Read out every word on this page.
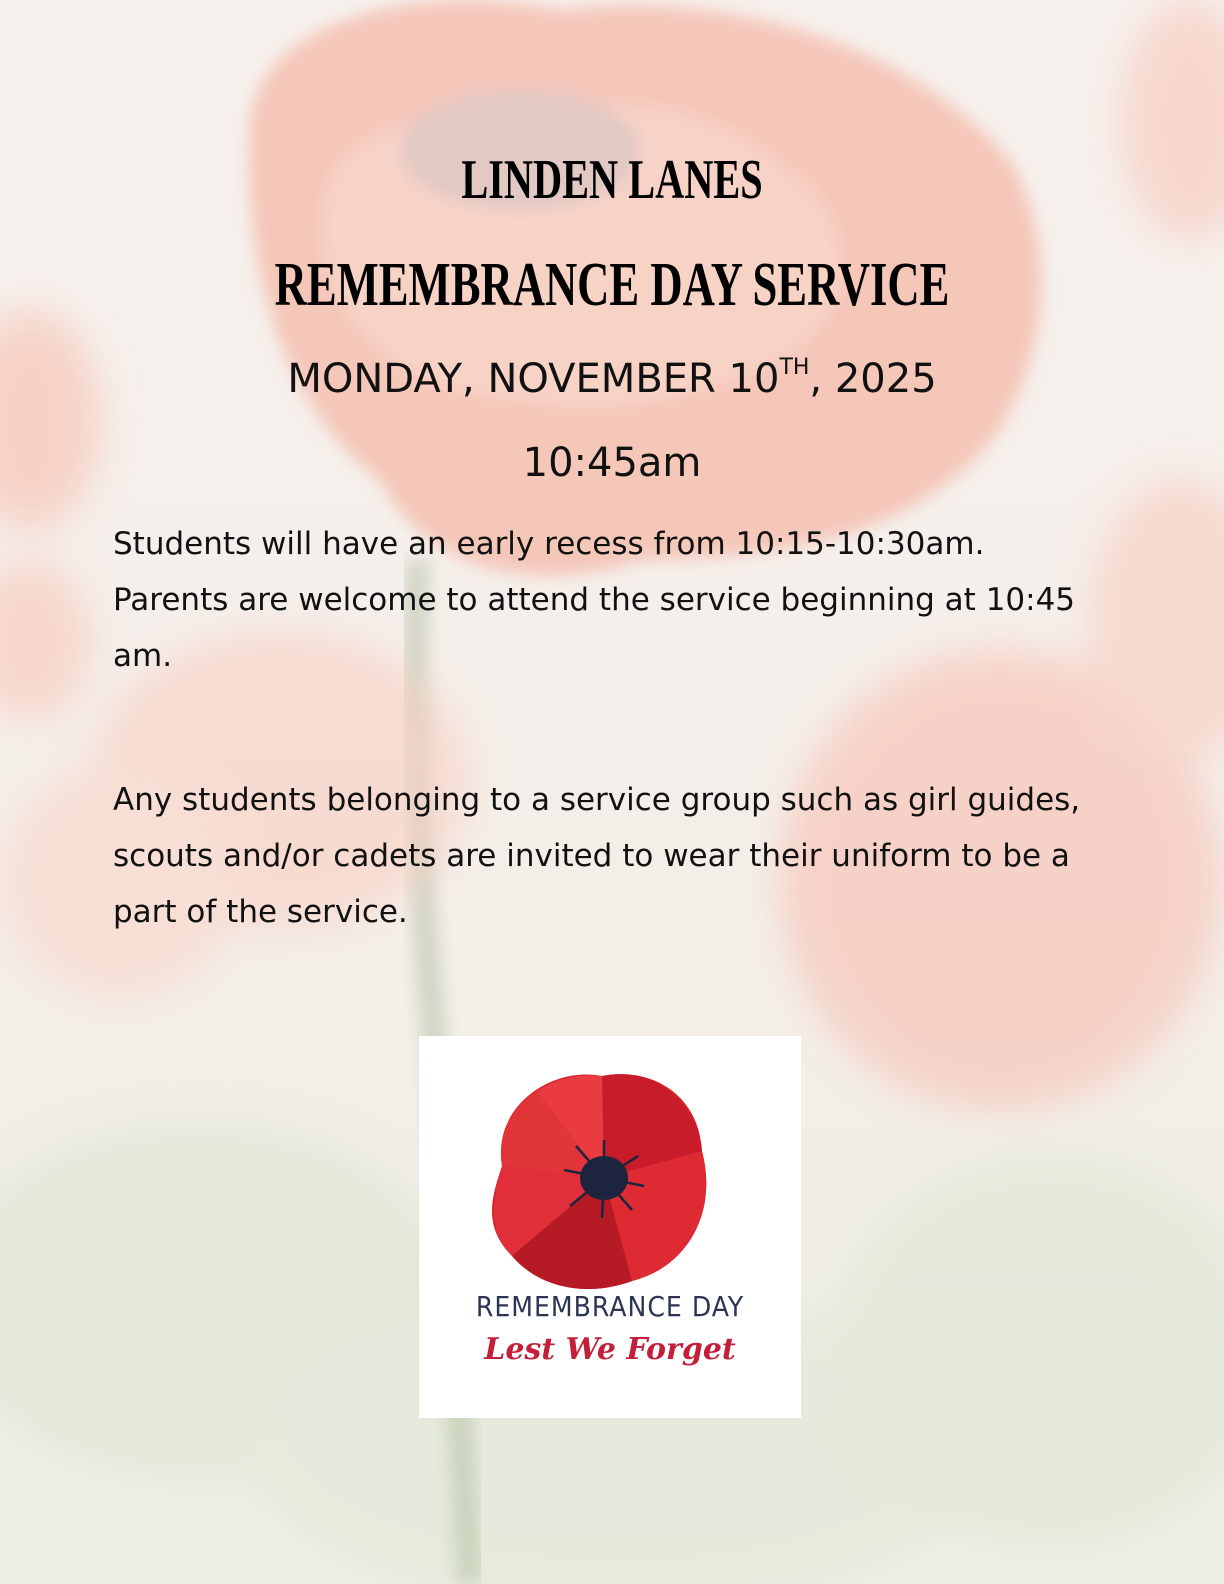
LINDEN LANES
REMEMBRANCE DAY SERVICE
MONDAY, NOVEMBER 10TH, 2025
10:45am

Students will have an early recess from 10:15-10:30am. Parents are welcome to attend the service beginning at 10:45 am.

Any students belonging to a service group such as girl guides, scouts and/or cadets are invited to wear their uniform to be a part of the service.

REMEMBRANCE DAY
Lest We Forget
